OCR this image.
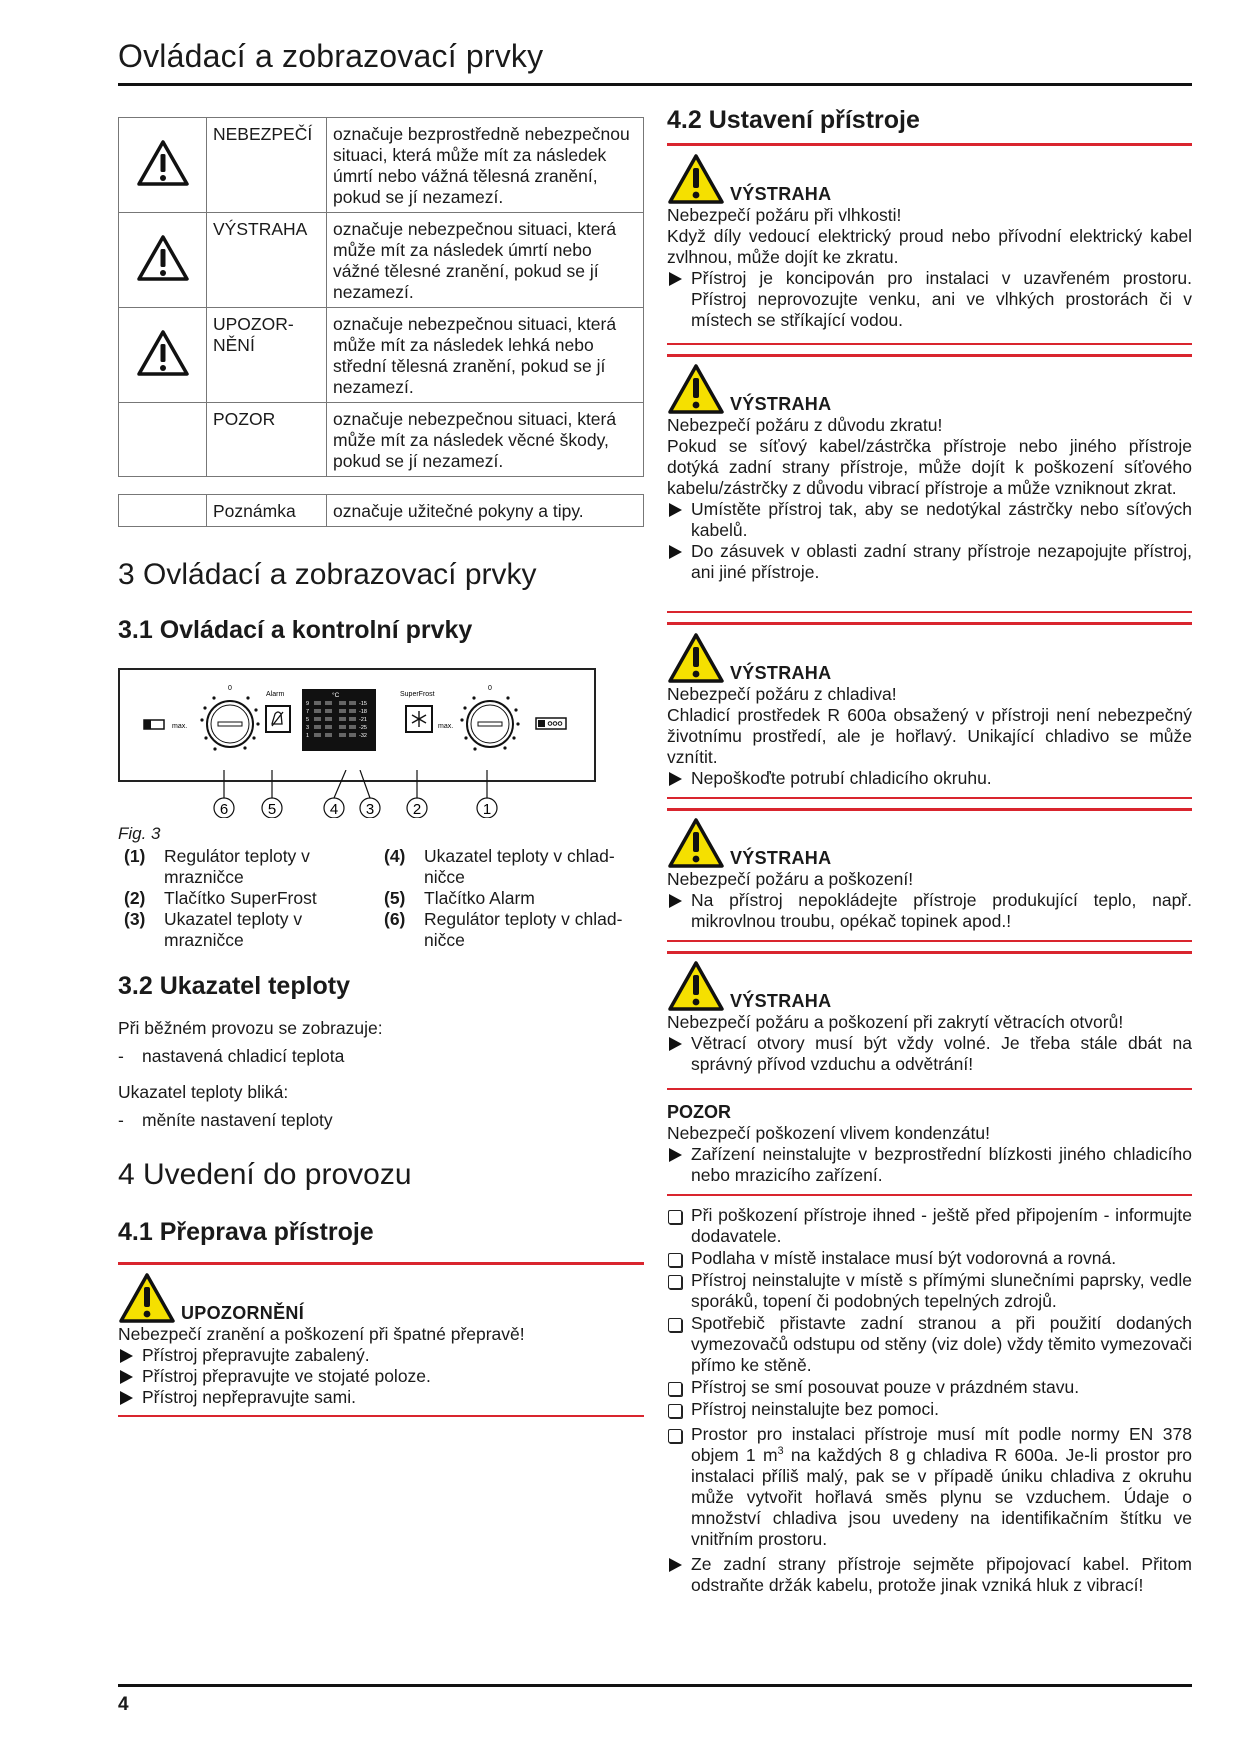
Ovládací a zobrazovací prvky
	NEBEZPEČÍ	označuje bezprostředně nebezpečnou situaci, která může mít za následek úmrtí nebo vážná tělesná zranění, pokud se jí nezamezí.
	VÝSTRAHA	označuje nebezpečnou situaci, která může mít za následek úmrtí nebo vážné tělesné zranění, pokud se jí nezamezí.
	UPOZORNĚNÍ	označuje nebezpečnou situaci, která může mít za následek lehká nebo střední tělesná zranění, pokud se jí nezamezí.
	POZOR	označuje nebezpečnou situaci, která může mít za následek věcné škody, pokud se jí nezamezí.
	Poznámka	označuje užitečné pokyny a tipy.
3 Ovládací a zobrazovací prvky
3.1 Ovládací a kontrolní prvky
max.
0
Alarm	°C
9
7
5
3
1
-15
-18
-21
-25
-32
SuperFrost
max.
0
6	5	4 3	2	1
Fig. 3
(1) Regulátor teploty v mrazničce
(2) Tlačítko SuperFrost
(3) Ukazatel teploty v mrazničce
(4) Ukazatel teploty v chladničce
(5) Tlačítko Alarm
(6) Regulátor teploty v chladničce
3.2 Ukazatel teploty
Při běžném provozu se zobrazuje:
- nastavená chladicí teplota
Ukazatel teploty bliká:
- měníte nastavení teploty
4 Uvedení do provozu
4.1 Přeprava přístroje
UPOZORNĚNÍ

Nebezpečí zranění a poškození při špatné přepravě!

Přístroj přepravujte zabalený.
Přístroj přepravujte ve stojaté poloze.
Přístroj nepřepravujte sami.
4.2 Ustavení přístroje
VÝSTRAHA

Nebezpečí požáru při vlhkosti!

Když díly vedoucí elektrický proud nebo přívodní elektrický kabel zvlhnou, může dojít ke zkratu.

Přístroj je koncipován pro instalaci v uzavřeném prostoru. Přístroj neprovozujte venku, ani ve vlhkých prostorách či v místech se stříkající vodou.
VÝSTRAHA

Nebezpečí požáru z důvodu zkratu!

Pokud se síťový kabel/zástrčka přístroje nebo jiného přístroje dotýká zadní strany přístroje, může dojít k poškození síťového kabelu/zástrčky z důvodu vibrací přístroje a může vzniknout zkrat.

Umístěte přístroj tak, aby se nedotýkal zástrčky nebo síťových kabelů.
Do zásuvek v oblasti zadní strany přístroje nezapojujte přístroj, ani jiné přístroje.
VÝSTRAHA

Nebezpečí požáru z chladiva!

Chladicí prostředek R 600a obsažený v přístroji není nebezpečný životnímu prostředí, ale je hořlavý. Unikající chladivo se může vznítit.

Nepoškoďte potrubí chladicího okruhu.
VÝSTRAHA

Nebezpečí požáru a poškození!

Na přístroj nepokládejte přístroje produkující teplo, např. mikrovlnou troubu, opékač topinek apod.!
VÝSTRAHA

Nebezpečí požáru a poškození při zakrytí větracích otvorů!

Větrací otvory musí být vždy volné. Je třeba stále dbát na správný přívod vzduchu a odvětrání!
POZOR

Nebezpečí poškození vlivem kondenzátu!

Zařízení neinstalujte v bezprostřední blízkosti jiného chladicího nebo mrazicího zařízení.
Při poškození přístroje ihned - ještě před připojením - informujte dodavatele.
Podlaha v místě instalace musí být vodorovná a rovná.
Přístroj neinstalujte v místě s přímými slunečními paprsky, vedle sporáků, topení či podobných tepelných zdrojů.
Spotřebič přistavte zadní stranou a při použití dodaných vymezovačů odstupu od stěny (viz dole) vždy těmito vymezovači přímo ke stěně.
Přístroj se smí posouvat pouze v prázdném stavu.
Přístroj neinstalujte bez pomoci.
Prostor pro instalaci přístroje musí mít podle normy EN 378 objem 1 $m^3$ na každých 8 g chladiva R 600a. Je-li prostor pro instalaci příliš malý, pak se v případě úniku chladiva z okruhu může vytvořit hořlavá směs plynu se vzduchem. Údaje o množství chladiva jsou uvedeny na identifikačním štítku ve vnitřním prostoru.
Ze zadní strany přístroje sejměte připojovací kabel. Přitom odstraňte držák kabelu, protože jinak vzniká hluk z vibrací!
4
